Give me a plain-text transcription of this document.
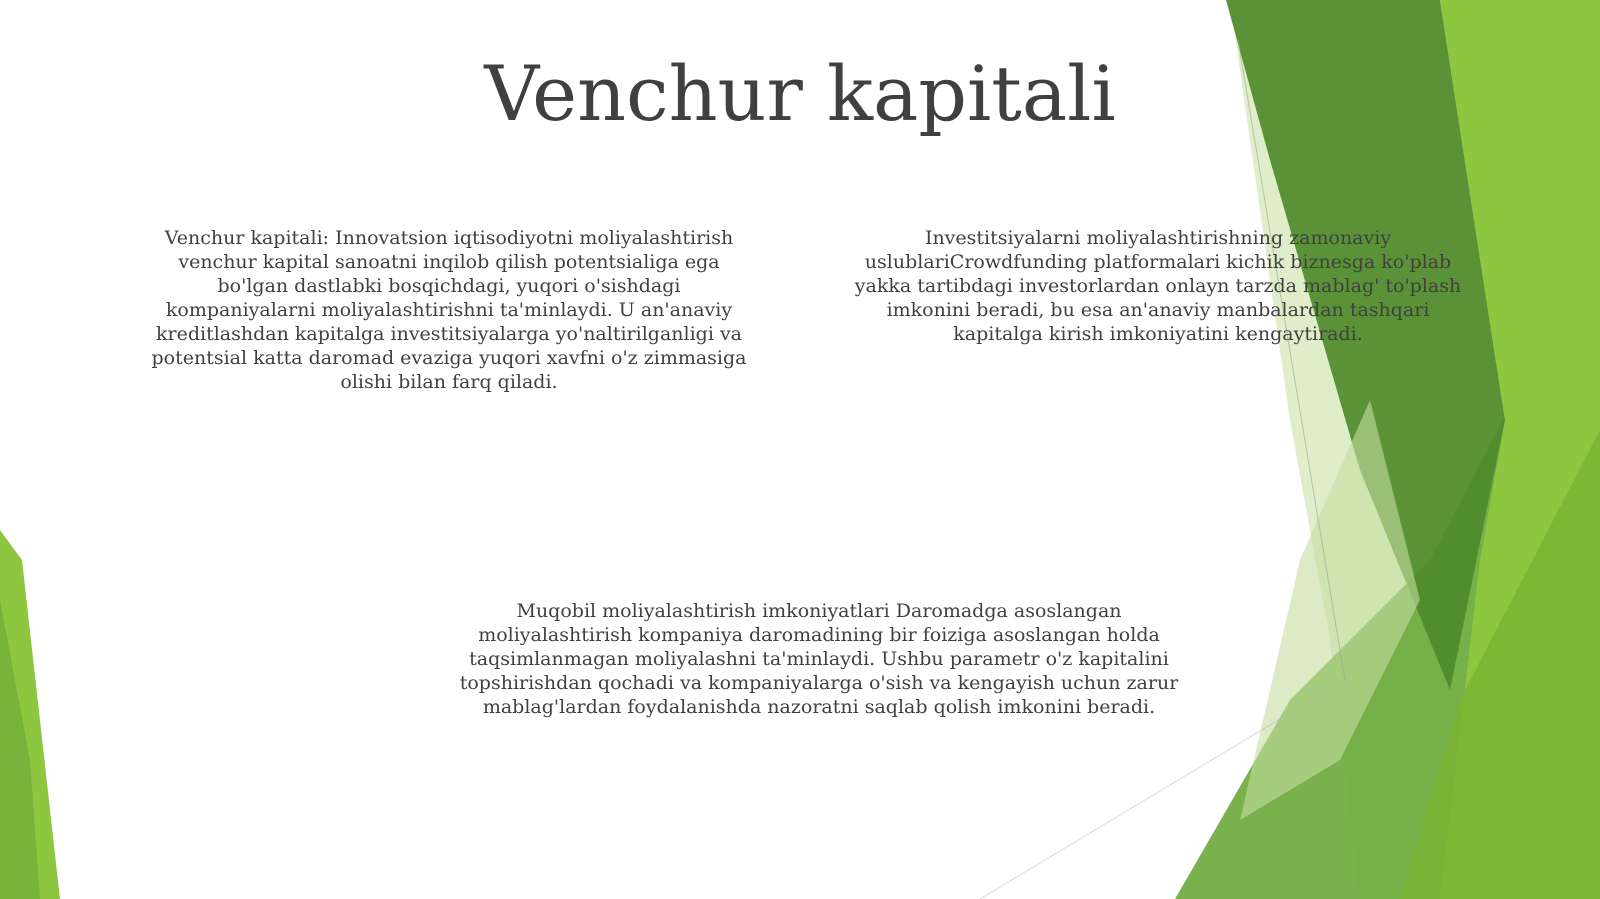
Venchur kapitali

Venchur kapitali: Innovatsion iqtisodiyotni moliyalashtirish venchur kapital sanoatni inqilob qilish potentsialiga ega bo'lgan dastlabki bosqichdagi, yuqori o'sishdagi kompaniyalarni moliyalashtirishni ta'minlaydi. U an'anaviy kreditlashdan kapitalga investitsiyalarga yo'naltirilganligi va potentsial katta daromad evaziga yuqori xavfni o'z zimmasiga olishi bilan farq qiladi.

Investitsiyalarni moliyalashtirishning zamonaviy uslublariCrowdfunding platformalari kichik biznesga ko'plab yakka tartibdagi investorlardan onlayn tarzda mablag' to'plash imkonini beradi, bu esa an'anaviy manbalardan tashqari kapitalga kirish imkoniyatini kengaytiradi.

Muqobil moliyalashtirish imkoniyatlari Daromadga asoslangan moliyalashtirish kompaniya daromadining bir foiziga asoslangan holda taqsimlanmagan moliyalashni ta'minlaydi. Ushbu parametr o'z kapitalini topshirishdan qochadi va kompaniyalarga o'sish va kengayish uchun zarur mablag'lardan foydalanishda nazoratni saqlab qolish imkonini beradi.
